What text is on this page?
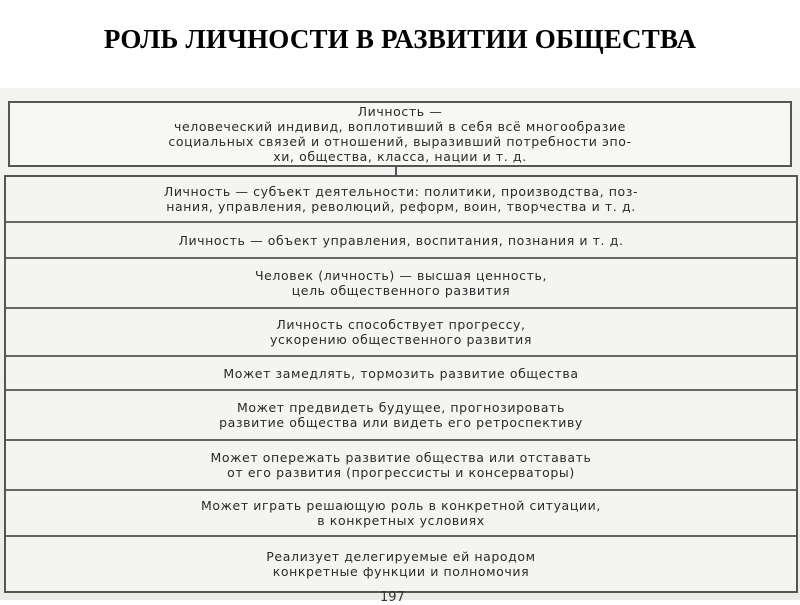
РОЛЬ ЛИЧНОСТИ В РАЗВИТИИ ОБЩЕСТВА
Личность —
человеческий индивид, воплотивший в себя всё многообразие
социальных связей и отношений, выразивший потребности эпо-
хи, общества, класса, нации и т. д.
Личность — субъект деятельности: политики, производства, поз-
нания, управления, революций, реформ, воин, творчества и т. д.
Личность — объект управления, воспитания, познания и т. д.
Человек (личность) — высшая ценность,
цель общественного развития
Личность способствует прогрессу,
ускорению общественного развития
Может замедлять, тормозить развитие общества
Может предвидеть будущее, прогнозировать
развитие общества или видеть его ретроспективу
Может опережать развитие общества или отставать
от его развития (прогрессисты и консерваторы)
Может играть решающую роль в конкретной ситуации,
в конкретных условиях
Реализует делегируемые ей народом
конкретные функции и полномочия
197
